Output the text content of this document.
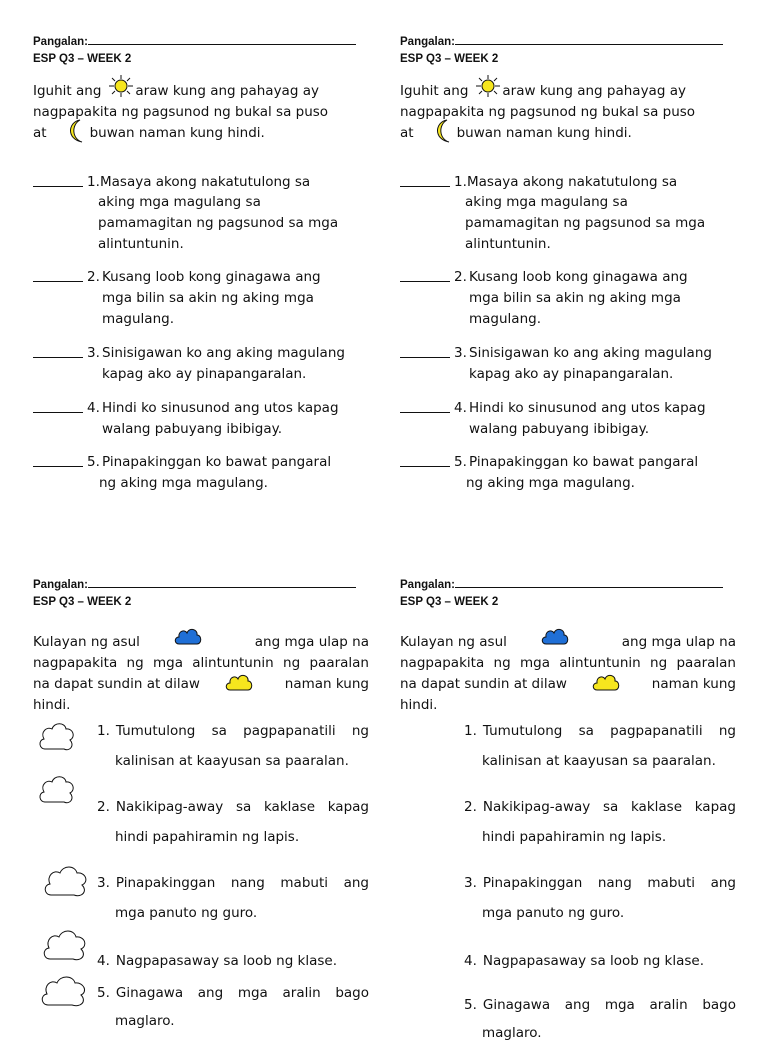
Pangalan:
ESP Q3 – WEEK 2
Iguhit ang	araw kung ang pahayag ay
nagpapakita ng pagsunod ng bukal sa puso
at	buwan naman kung hindi.
1. Masaya akong nakatutulong sa
aking mga magulang sa
pamamagitan ng pagsunod sa mga
alintuntunin.
2. Kusang loob kong ginagawa ang
mga bilin sa akin ng aking mga
magulang.
3. Sinisigawan ko ang aking magulang
kapag ako ay pinapangaralan.
4. Hindi ko sinusunod ang utos kapag
walang pabuyang ibibigay.
5. Pinapakinggan ko bawat pangaral
ng aking mga magulang.
Pangalan:
ESP Q3 – WEEK 2
Iguhit ang	araw kung ang pahayag ay
nagpapakita ng pagsunod ng bukal sa puso
at	buwan naman kung hindi.
1. Masaya akong nakatutulong sa
aking mga magulang sa
pamamagitan ng pagsunod sa mga
alintuntunin.
2. Kusang loob kong ginagawa ang
mga bilin sa akin ng aking mga
magulang.
3. Sinisigawan ko ang aking magulang
kapag ako ay pinapangaralan.
4. Hindi ko sinusunod ang utos kapag
walang pabuyang ibibigay.
5. Pinapakinggan ko bawat pangaral
ng aking mga magulang.
Pangalan:
ESP Q3 – WEEK 2
Kulayan ng asul	ang mga ulap na
nagpapakita ng mga alintuntunin ng paaralan
na dapat sundin at dilaw	naman kung
hindi.
1. Tumutulong sa pagpapanatili ng
kalinisan at kaayusan sa paaralan.
2. Nakikipag-away sa kaklase kapag
hindi papahiramin ng lapis.
3. Pinapakinggan nang mabuti ang
mga panuto ng guro.
4. Nagpapasaway sa loob ng klase.
5. Ginagawa ang mga aralin bago
maglaro.
Pangalan:
ESP Q3 – WEEK 2
Kulayan ng asul	ang mga ulap na
nagpapakita ng mga alintuntunin ng paaralan
na dapat sundin at dilaw	naman kung
hindi.
1. Tumutulong sa pagpapanatili ng
kalinisan at kaayusan sa paaralan.
2. Nakikipag-away sa kaklase kapag
hindi papahiramin ng lapis.
3. Pinapakinggan nang mabuti ang
mga panuto ng guro.
4. Nagpapasaway sa loob ng klase.
5. Ginagawa ang mga aralin bago
maglaro.
